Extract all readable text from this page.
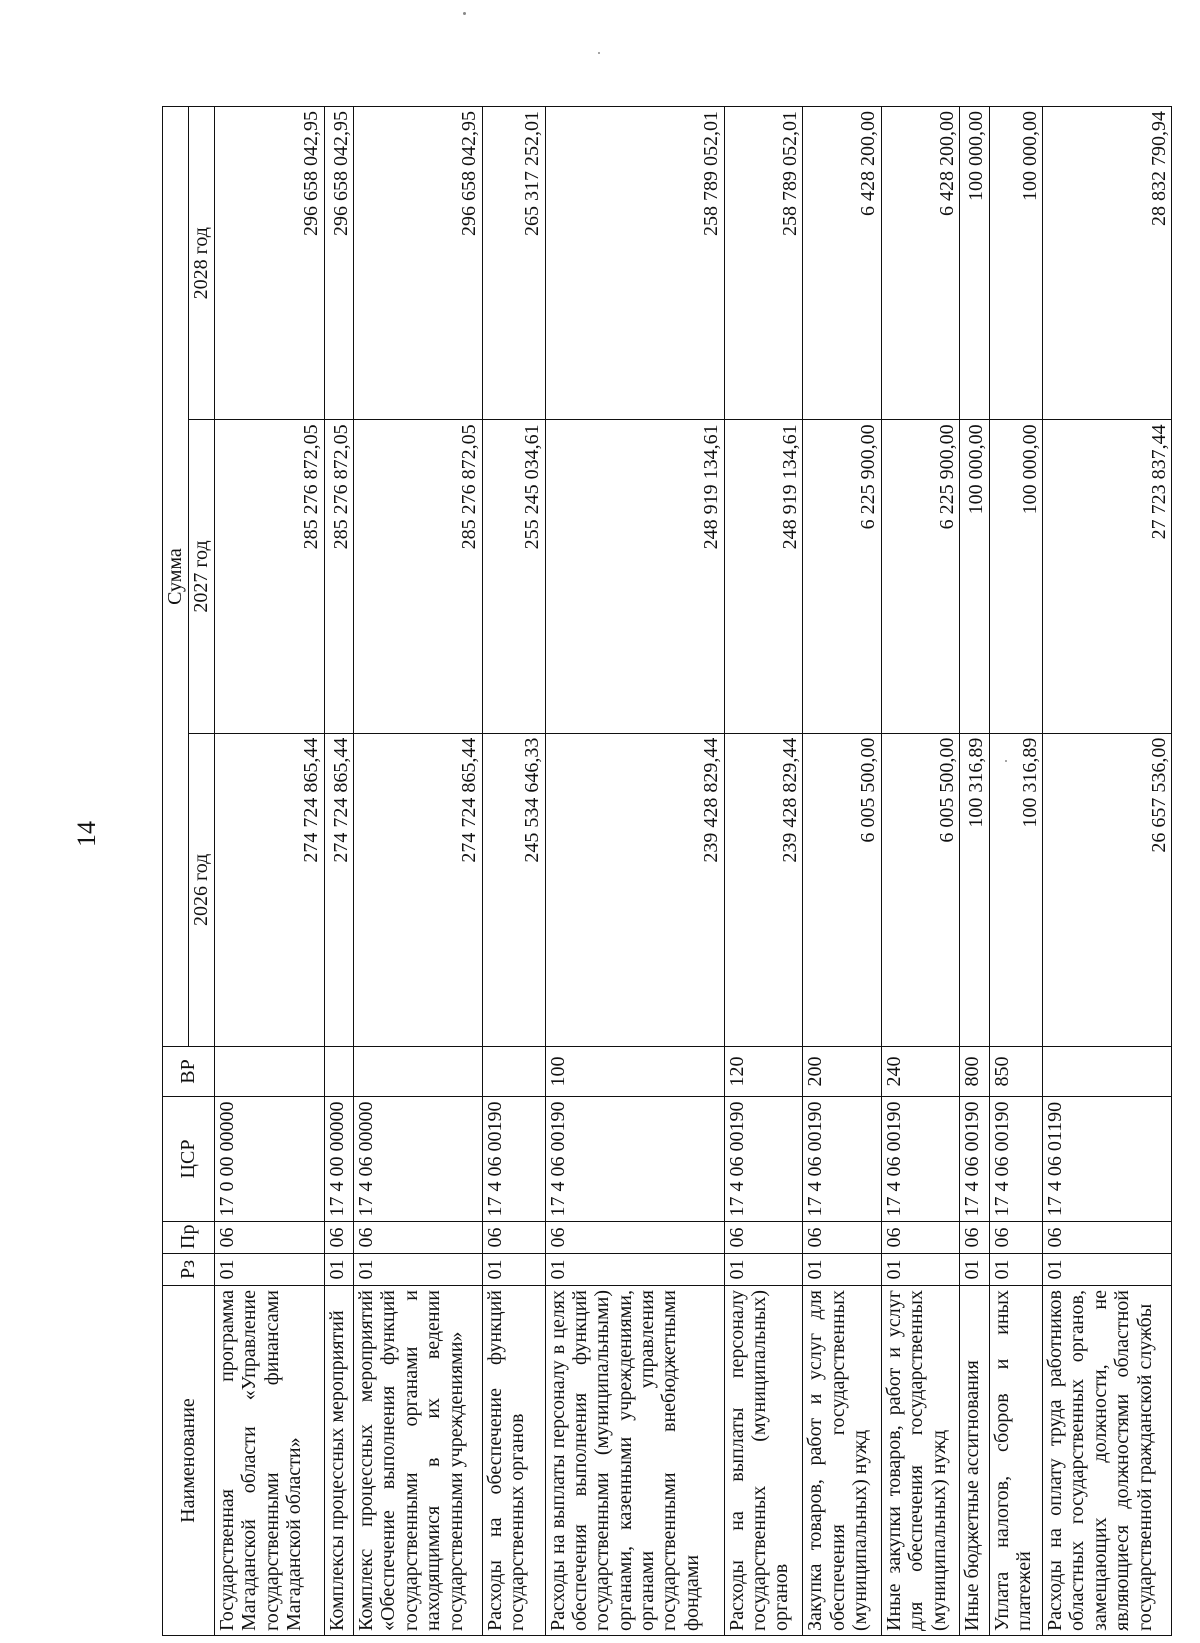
14
Наименование	Рз	Пр	ЦСР	ВР	Сумма		
					2026 год	2027 год	2028 год
Государственная программа Магаданской области «Управление государственными финансами Магаданской области»	01	06	17 0 00 00000		274 724 865,44	285 276 872,05	296 658 042,95
Комплексы процессных мероприятий	01	06	17 4 00 00000		274 724 865,44	285 276 872,05	296 658 042,95
Комплекс процессных мероприятий «Обеспечение выполнения функций государственными органами и находящимися в их ведении государственными учреждениями»	01	06	17 4 06 00000		274 724 865,44	285 276 872,05	296 658 042,95
Расходы на обеспечение функций государственных органов	01	06	17 4 06 00190		245 534 646,33	255 245 034,61	265 317 252,01
Расходы на выплаты персоналу в целях обеспечения выполнения функций государственными (муниципальными) органами, казенными учреждениями, органами управления государственными внебюджетными фондами	01	06	17 4 06 00190	100	239 428 829,44	248 919 134,61	258 789 052,01
Расходы на выплаты персоналу государственных (муниципальных) органов	01	06	17 4 06 00190	120	239 428 829,44	248 919 134,61	258 789 052,01
Закупка товаров, работ и услуг для обеспечения государственных (муниципальных) нужд	01	06	17 4 06 00190	200	6 005 500,00	6 225 900,00	6 428 200,00
Иные закупки товаров, работ и услуг для обеспечения государственных (муниципальных) нужд	01	06	17 4 06 00190	240	6 005 500,00	6 225 900,00	6 428 200,00
Иные бюджетные ассигнования	01	06	17 4 06 00190	800	100 316,89	100 000,00	100 000,00
Уплата налогов, сборов и иных платежей	01	06	17 4 06 00190	850	100 316,89	100 000,00	100 000,00
Расходы на оплату труда работников областных государственных органов, замещающих должности, не являющиеся должностями областной государственной гражданской службы	01	06	17 4 06 01190		26 657 536,00	27 723 837,44	28 832 790,94
